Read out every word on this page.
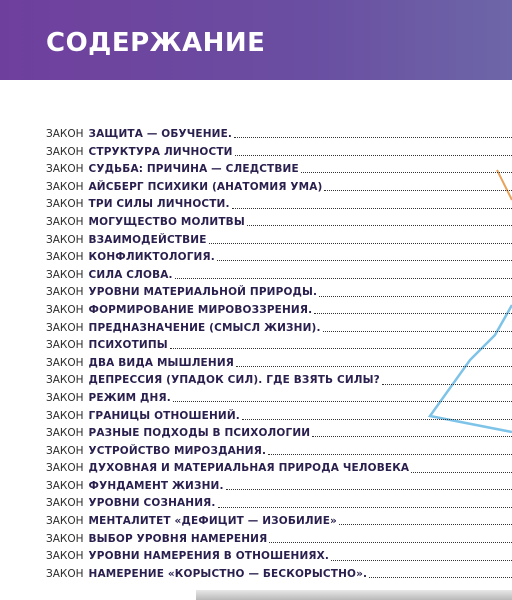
СОДЕРЖАНИЕ
ЗАКОН ЗАЩИТА — ОБУЧЕНИЕ.
ЗАКОН СТРУКТУРА ЛИЧНОСТИ
ЗАКОН СУДЬБА: ПРИЧИНА — СЛЕДСТВИЕ
ЗАКОН АЙСБЕРГ ПСИХИКИ (АНАТОМИЯ УМА)
ЗАКОН ТРИ СИЛЫ ЛИЧНОСТИ.
ЗАКОН МОГУЩЕСТВО МОЛИТВЫ
ЗАКОН ВЗАИМОДЕЙСТВИЕ
ЗАКОН КОНФЛИКТОЛОГИЯ.
ЗАКОН СИЛА СЛОВА.
ЗАКОН УРОВНИ МАТЕРИАЛЬНОЙ ПРИРОДЫ.
ЗАКОН ФОРМИРОВАНИЕ МИРОВОЗЗРЕНИЯ.
ЗАКОН ПРЕДНАЗНАЧЕНИЕ (СМЫСЛ ЖИЗНИ).
ЗАКОН ПСИХОТИПЫ
ЗАКОН ДВА ВИДА МЫШЛЕНИЯ
ЗАКОН ДЕПРЕССИЯ (УПАДОК СИЛ). ГДЕ ВЗЯТЬ СИЛЫ?
ЗАКОН РЕЖИМ ДНЯ.
ЗАКОН ГРАНИЦЫ ОТНОШЕНИЙ.
ЗАКОН РАЗНЫЕ ПОДХОДЫ В ПСИХОЛОГИИ
ЗАКОН УСТРОЙСТВО МИРОЗДАНИЯ.
ЗАКОН ДУХОВНАЯ И МАТЕРИАЛЬНАЯ ПРИРОДА ЧЕЛОВЕКА
ЗАКОН ФУНДАМЕНТ ЖИЗНИ.
ЗАКОН УРОВНИ СОЗНАНИЯ.
ЗАКОН МЕНТАЛИТЕТ «ДЕФИЦИТ — ИЗОБИЛИЕ»
ЗАКОН ВЫБОР УРОВНЯ НАМЕРЕНИЯ
ЗАКОН УРОВНИ НАМЕРЕНИЯ В ОТНОШЕНИЯХ.
ЗАКОН НАМЕРЕНИЕ «КОРЫСТНО — БЕСКОРЫСТНО».
